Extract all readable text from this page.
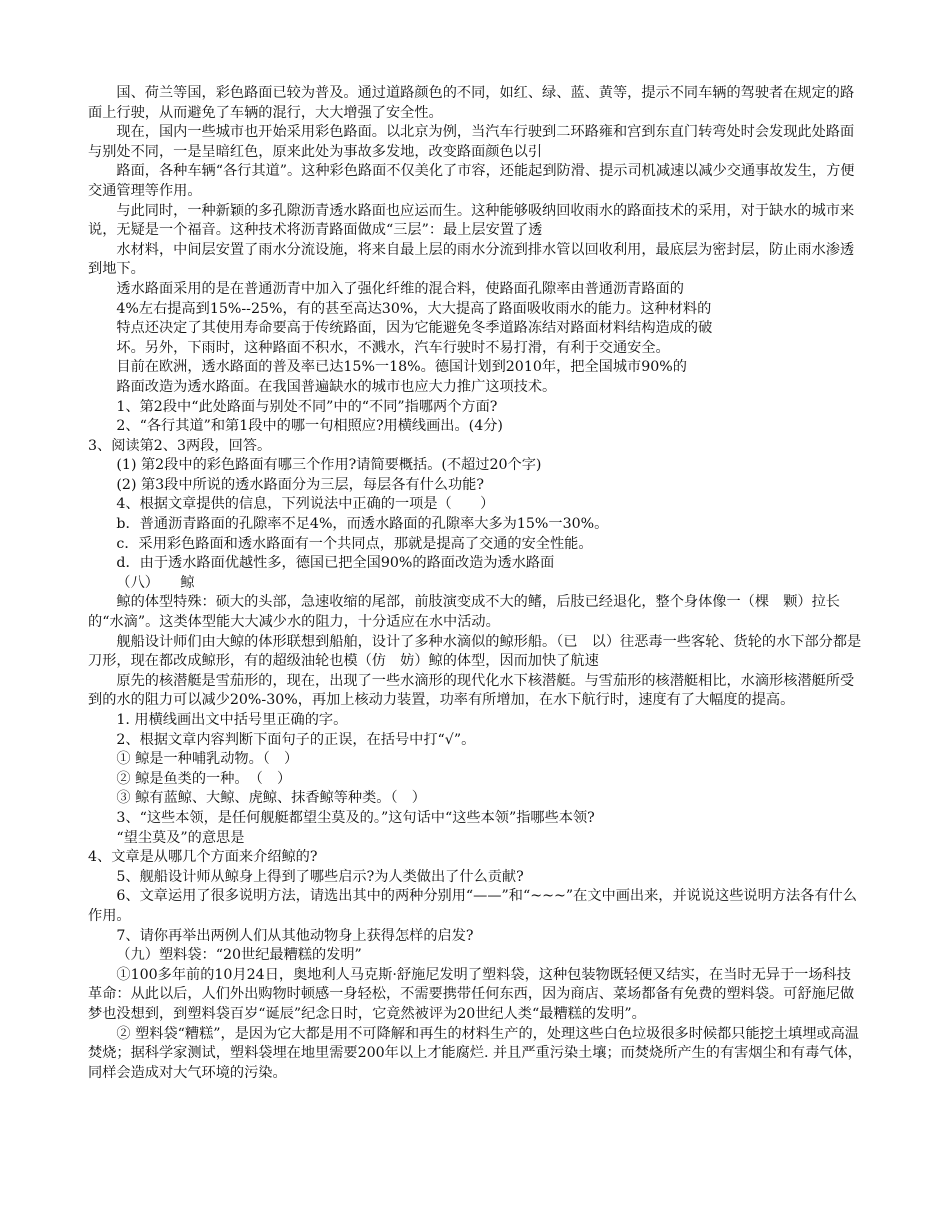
国、荷兰等国，彩色路面已较为普及。通过道路颜色的不同，如红、绿、蓝、黄等，提示不同车辆的驾驶者在规定的路面上行驶，从而避免了车辆的混行，大大增强了安全性。

现在，国内一些城市也开始采用彩色路面。以北京为例，当汽车行驶到二环路雍和宫到东直门转弯处时会发现此处路面与别处不同，一是呈暗红色，原来此处为事故多发地，改变路面颜色以引

路面，各种车辆“各行其道”。这种彩色路面不仅美化了市容，还能起到防滑、提示司机减速以减少交通事故发生，方便交通管理等作用。

与此同时，一种新颖的多孔隙沥青透水路面也应运而生。这种能够吸纳回收雨水的路面技术的采用，对于缺水的城市来说，无疑是一个福音。这种技术将沥青路面做成“三层”：最上层安置了透

水材料，中间层安置了雨水分流设施，将来自最上层的雨水分流到排水管以回收利用，最底层为密封层，防止雨水渗透到地下。

透水路面采用的是在普通沥青中加入了强化纤维的混合料，使路面孔隙率由普通沥青路面的

4%左右提高到15%--25%，有的甚至高达30%，大大提高了路面吸收雨水的能力。这种材料的

特点还决定了其使用寿命要高于传统路面，因为它能避免冬季道路冻结对路面材料结构造成的破

坏。另外，下雨时，这种路面不积水，不溅水，汽车行驶时不易打滑，有利于交通安全。

目前在欧洲，透水路面的普及率已达15%一18%。德国计划到2010年，把全国城市90%的

路面改造为透水路面。在我国普遍缺水的城市也应大力推广这项技术。

1、第2段中“此处路面与别处不同”中的“不同”指哪两个方面?

2、“各行其道”和第1段中的哪一句相照应?用横线画出。(4分)

3、阅读第2、3两段，回答。

(1) 第2段中的彩色路面有哪三个作用?请简要概括。(不超过20个字)

(2) 第3段中所说的透水路面分为三层，每层各有什么功能?

4、根据文章提供的信息，下列说法中正确的一项是（　　）

b．普通沥青路面的孔隙率不足4%，而透水路面的孔隙率大多为15%一30%。

c．采用彩色路面和透水路面有一个共同点，那就是提高了交通的安全性能。

d．由于透水路面优越性多，德国已把全国90%的路面改造为透水路面

（八）　　鲸

鲸的体型特殊：硕大的头部，急速收缩的尾部，前肢演变成不大的鳍，后肢已经退化，整个身体像一（棵　颗）拉长的“水滴”。这类体型能大大减少水的阻力，十分适应在水中活动。

舰船设计师们由大鲸的体形联想到船舶，设计了多种水滴似的鲸形船。（已　以）往恶毒一些客轮、货轮的水下部分都是刀形，现在都改成鲸形，有的超级油轮也模（仿　妨）鲸的体型，因而加快了航速

原先的核潜艇是雪茄形的，现在，出现了一些水滴形的现代化水下核潜艇。与雪茄形的核潜艇相比，水滴形核潜艇所受到的水的阻力可以减少20%-30%，再加上核动力装置，功率有所增加，在水下航行时，速度有了大幅度的提高。

1. 用横线画出文中括号里正确的字。

2、根据文章内容判断下面句子的正误，在括号中打“√”。

① 鲸是一种哺乳动物。（　）

② 鲸是鱼类的一种。　（　）

③ 鲸有蓝鲸、大鲸、虎鲸、抹香鲸等种类。（　）

3、“这些本领，是任何舰艇都望尘莫及的。”这句话中“这些本领”指哪些本领?

“望尘莫及”的意思是

4、文章是从哪几个方面来介绍鲸的?

5、舰船设计师从鲸身上得到了哪些启示?为人类做出了什么贡献?

6、文章运用了很多说明方法，请选出其中的两种分别用“——”和“~~~”在文中画出来，并说说这些说明方法各有什么作用。

7、请你再举出两例人们从其他动物身上获得怎样的启发?

（九）塑料袋：“20世纪最糟糕的发明”

①100多年前的10月24日，奥地利人马克斯·舒施尼发明了塑料袋，这种包装物既轻便又结实，在当时无异于一场科技革命：从此以后，人们外出购物时顿感一身轻松，不需要携带任何东西，因为商店、菜场都备有免费的塑料袋。可舒施尼做梦也没想到，到塑料袋百岁“诞辰”纪念日时，它竟然被评为20世纪人类“最糟糕的发明”。

② 塑料袋“糟糕”，是因为它大都是用不可降解和再生的材料生产的，处理这些白色垃圾很多时候都只能挖土填埋或高温焚烧；据科学家测试，塑料袋埋在地里需要200年以上才能腐烂. 并且严重污染土壤；而焚烧所产生的有害烟尘和有毒气体，同样会造成对大气环境的污染。
